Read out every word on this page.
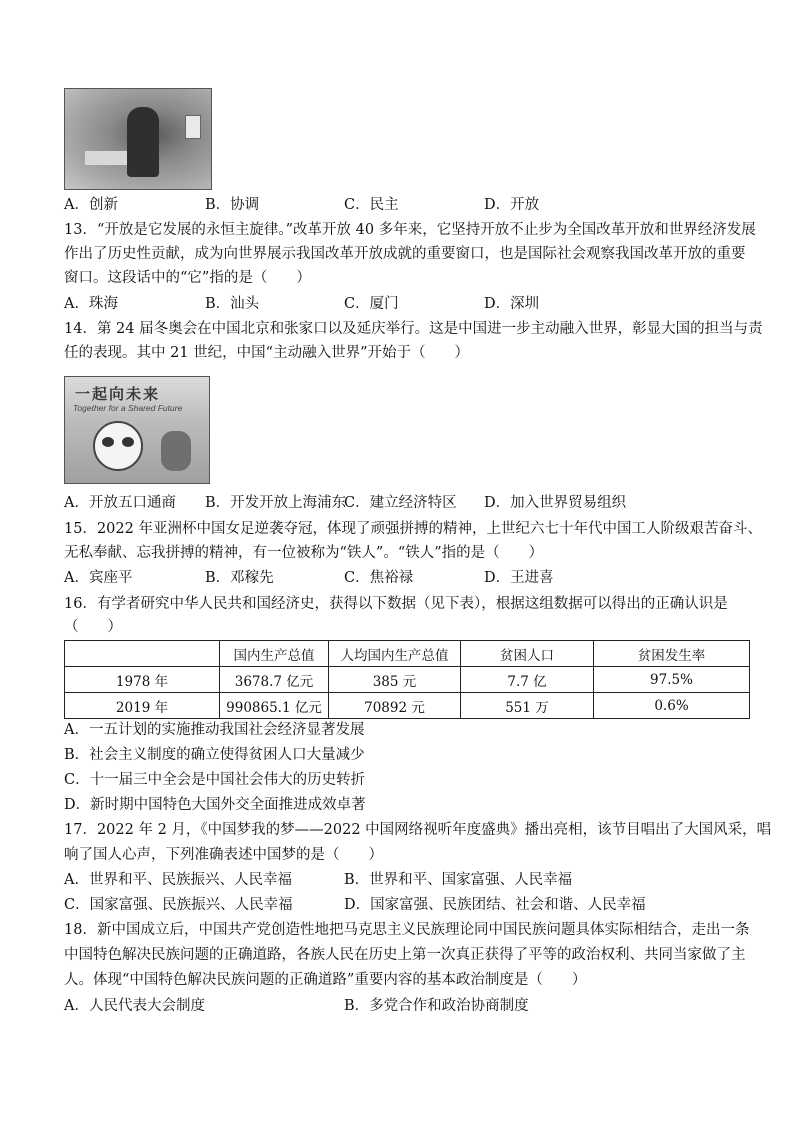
A．创新	B．协调	C．民主	D．开放
13．“开放是它发展的永恒主旋律。”改革开放 40 多年来，它坚持开放不止步为全国改革开放和世界经济发展
作出了历史性贡献，成为向世界展示我国改革开放成就的重要窗口，也是国际社会观察我国改革开放的重要
窗口。这段话中的“它”指的是（　　）
A．珠海	B．汕头	C．厦门	D．深圳
14．第 24 届冬奥会在中国北京和张家口以及延庆举行。这是中国进一步主动融入世界，彰显大国的担当与责
任的表现。其中 21 世纪，中国“主动融入世界”开始于（　　）
一起向未来
Together for a Shared Future
A．开放五口通商 B．开发开放上海浦东
C．建立经济特区 D．加入世界贸易组织
15．2022 年亚洲杯中国女足逆袭夺冠，体现了顽强拼搏的精神，上世纪六七十年代中国工人阶级艰苦奋斗、
无私奉献、忘我拼搏的精神，有一位被称为“铁人”。“铁人”指的是（　　）
A．宾座平	B．邓稼先	C．焦裕禄	D．王进喜
16．有学者研究中华人民共和国经济史，获得以下数据（见下表），根据这组数据可以得出的正确认识是
（　　）
	国内生产总值	人均国内生产总值	贫困人口	贫困发生率
1978 年	3678.7 亿元	385 元	7.7 亿	97.5%
2019 年	990865.1 亿元	70892 元	551 万	0.6%
A．一五计划的实施推动我国社会经济显著发展
B．社会主义制度的确立使得贫困人口大量减少
C．十一届三中全会是中国社会伟大的历史转折
D．新时期中国特色大国外交全面推进成效卓著
17．2022 年 2 月，《中国梦我的梦——2022 中国网络视听年度盛典》播出亮相，该节目唱出了大国风采，唱
响了国人心声，下列准确表述中国梦的是（　　）
A．世界和平、民族振兴、人民幸福	B．世界和平、国家富强、人民幸福
C．国家富强、民族振兴、人民幸福	D．国家富强、民族团结、社会和谐、人民幸福
18．新中国成立后，中国共产党创造性地把马克思主义民族理论同中国民族问题具体实际相结合，走出一条
中国特色解决民族问题的正确道路，各族人民在历史上第一次真正获得了平等的政治权利、共同当家做了主
人。体现“中国特色解决民族问题的正确道路”重要内容的基本政治制度是（　　）
A．人民代表大会制度	B．多党合作和政治协商制度
